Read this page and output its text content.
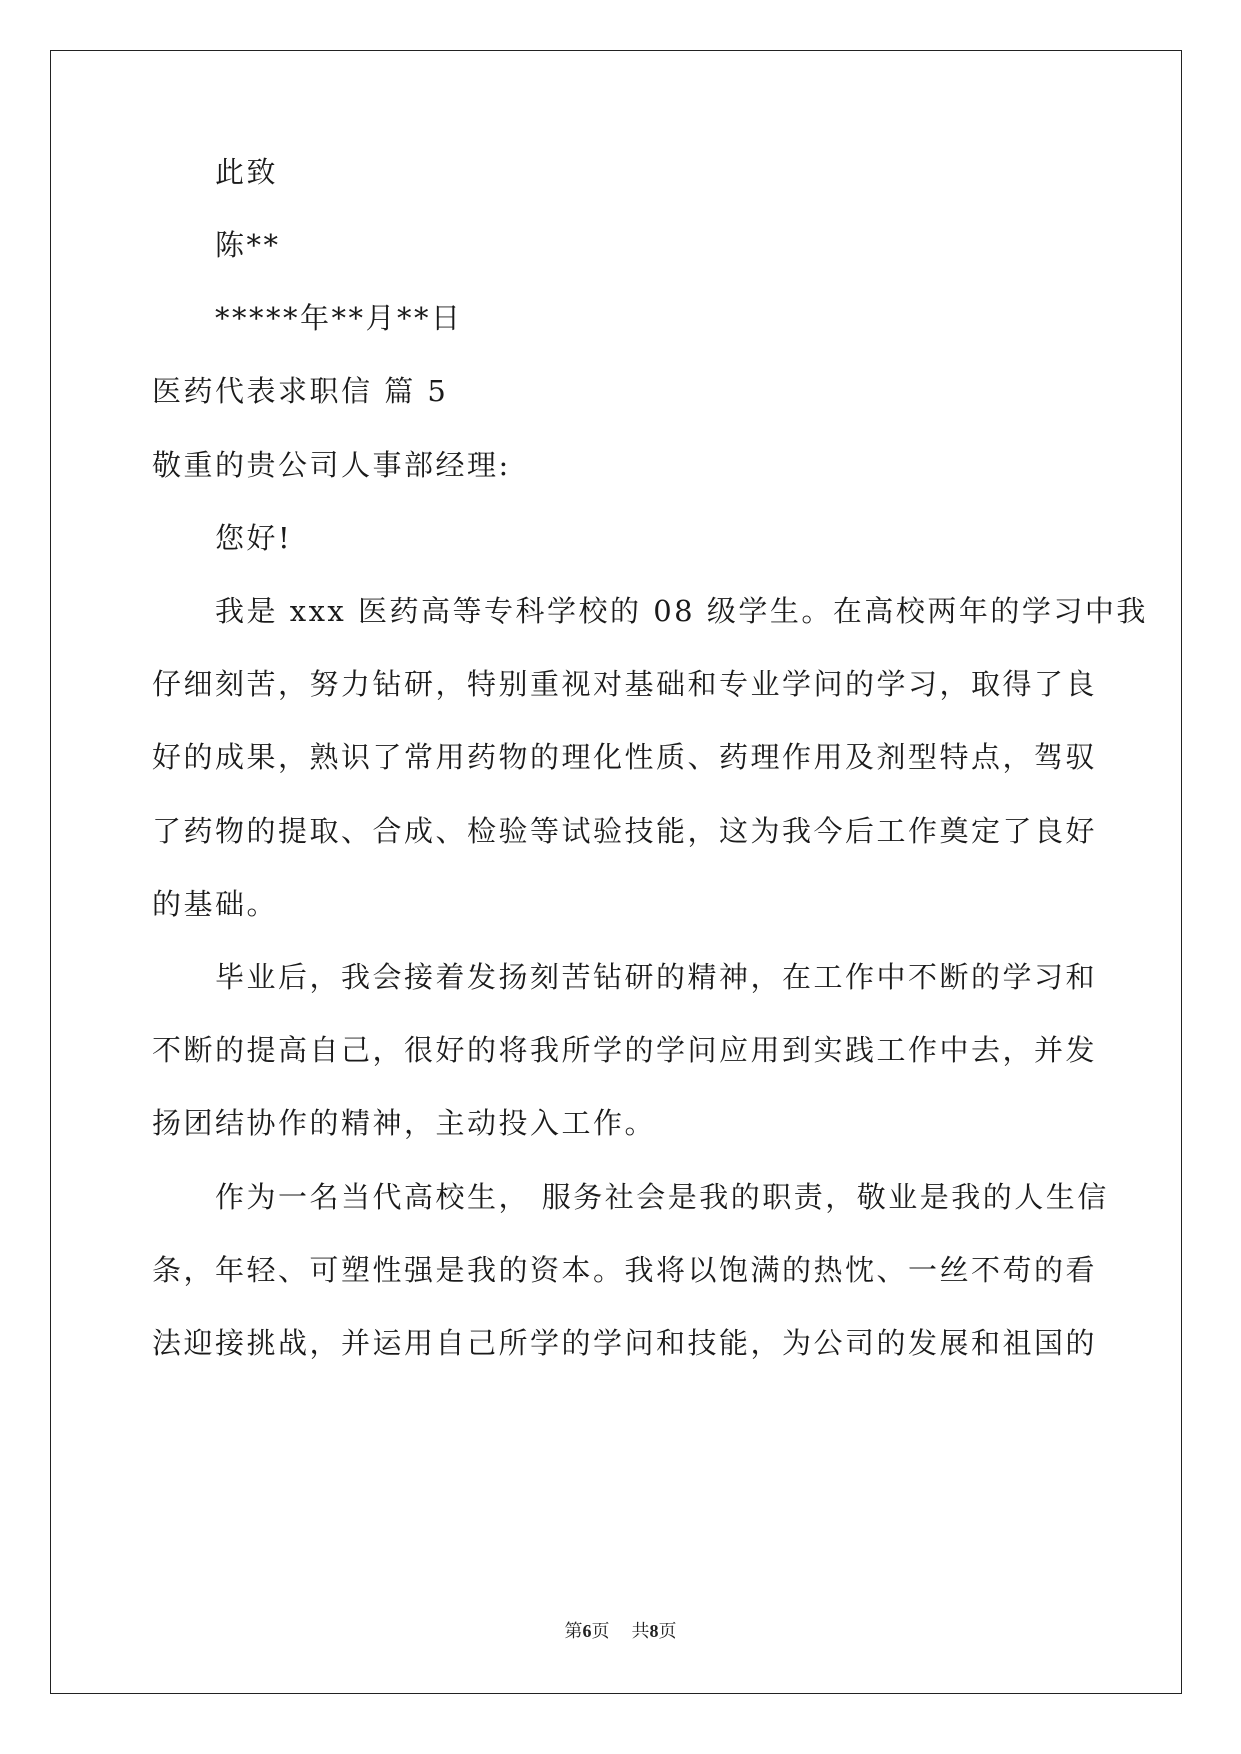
此致
陈**
*****年**月**日
医药代表求职信 篇 5
敬重的贵公司人事部经理:
您好!
我是 xxx 医药高等专科学校的 08 级学生。在高校两年的学习中我
仔细刻苦，努力钻研，特别重视对基础和专业学问的学习，取得了良
好的成果，熟识了常用药物的理化性质、药理作用及剂型特点，驾驭
了药物的提取、合成、检验等试验技能，这为我今后工作奠定了良好
的基础。
毕业后，我会接着发扬刻苦钻研的精神，在工作中不断的学习和
不断的提高自己，很好的将我所学的学问应用到实践工作中去，并发
扬团结协作的精神，主动投入工作。
作为一名当代高校生， 服务社会是我的职责，敬业是我的人生信
条，年轻、可塑性强是我的资本。我将以饱满的热忱、一丝不苟的看
法迎接挑战，并运用自己所学的学问和技能，为公司的发展和祖国的
第6页 共8页
